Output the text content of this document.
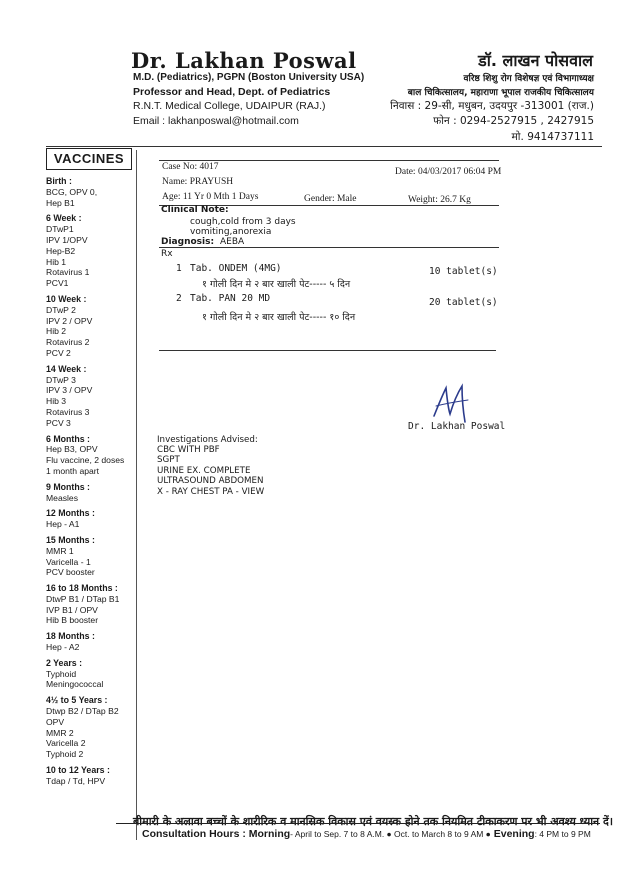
Dr. Lakhan Poswal
M.D. (Pediatrics), PGPN (Boston University USA)
Professor and Head, Dept. of Pediatrics
R.N.T. Medical College, UDAIPUR (RAJ.)
Email : lakhanposwal@hotmail.com
डॉ. लाखन पोसवाल
वरिष्ठ शिशु रोग विशेषज्ञ एवं विभागाध्यक्ष
बाल चिकित्सालय, महाराणा भूपाल राजकीय चिकित्सालय
निवास : 29-सी, मधुबन, उदयपुर -313001 (राज.)
फोन : 0294-2527915 , 2427915
मो. 9414737111
VACCINES
Birth :
BCG, OPV 0,
Hep B1
6 Week :
DTwP1
IPV 1/OPV
Hep-B2
Hib 1
Rotavirus 1
PCV1
10 Week :
DTwP 2
IPV 2 / OPV
Hib 2
Rotavirus 2
PCV 2
14 Week :
DTwP 3
IPV 3 / OPV
Hib 3
Rotavirus 3
PCV 3
6 Months :
Hep B3, OPV
Flu vaccine, 2 doses
1 month apart
9 Months :
Measles
12 Months :
Hep - A1
15 Months :
MMR 1
Varicella - 1
PCV booster
16 to 18 Months :
DtwP B1 / DTap B1
IVP B1 / OPV
Hib B booster
18 Months :
Hep - A2
2 Years :
Typhoid
Meningococcal
4½ to 5 Years :
Dtwp B2 / DTap B2
OPV
MMR 2
Varicella 2
Typhoid 2
10 to 12 Years :
Tdap / Td, HPV
Case No: 4017	Date: 04/03/2017 06:04 PM
Name: PRAYUSH
Age: 11 Yr 0 Mth 1 Days	Gender: Male	Weight: 26.7 Kg
Clinical Note:
cough,cold from 3 days
vomiting,anorexia
Diagnosis: AEBA
Rx
1 Tab. ONDEM (4MG)	10 tablet(s)
१ गोली दिन मे २ बार खाली पेट----- ५ दिन
2 Tab. PAN 20 MD	20 tablet(s)
१ गोली दिन मे २ बार खाली पेट----- १० दिन
Dr. Lakhan Poswal
Investigations Advised:
CBC WITH PBF
SGPT
URINE EX. COMPLETE
ULTRASOUND ABDOMEN
X - RAY CHEST PA - VIEW
बीमारी के अलावा बच्चों के शारीरिक व मानसिक विकास एवं वयस्क होने तक नियमित टीकाकरण पर भी अवश्य ध्यान दें।
Consultation Hours : Morning- April to Sep. 7 to 8 A.M. ● Oct. to March 8 to 9 AM ● Evening: 4 PM to 9 PM
